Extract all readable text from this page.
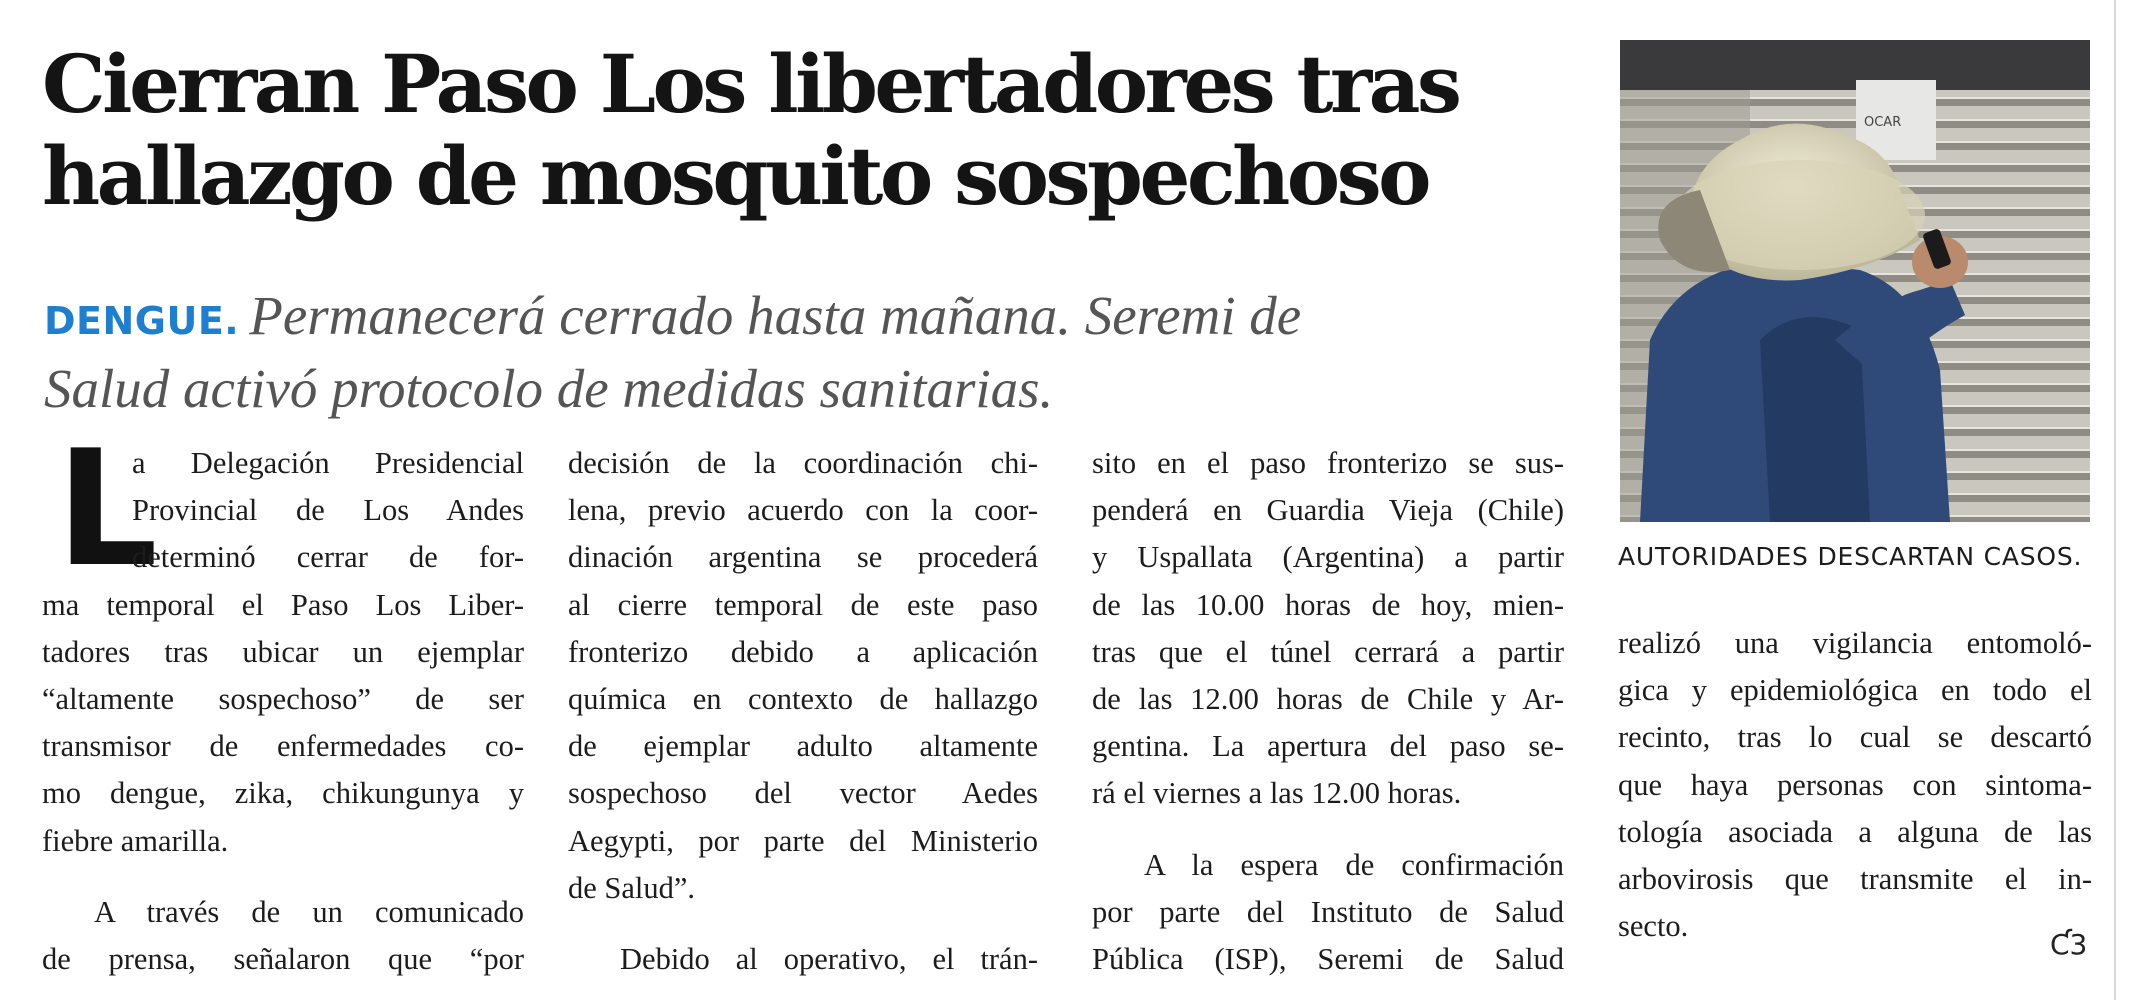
Cierran Paso Los libertadores tras
hallazgo de mosquito sospechoso

DENGUE. Permanecerá cerrado hasta mañana. Seremi de
Salud activó protocolo de medidas sanitarias.

L
a Delegación Presidencial
Provincial de Los Andes
determinó cerrar de for-
ma temporal el Paso Los Liber-
tadores tras ubicar un ejemplar
“altamente sospechoso” de ser
transmisor de enfermedades co-
mo dengue, zika, chikungunya y
fiebre amarilla.
A través de un comunicado
de prensa, señalaron que “por
decisión de la coordinación chi-
lena, previo acuerdo con la coor-
dinación argentina se procederá
al cierre temporal de este paso
fronterizo debido a aplicación
química en contexto de hallazgo
de ejemplar adulto altamente
sospechoso del vector Aedes
Aegypti, por parte del Ministerio
de Salud”.
Debido al operativo, el trán-
sito en el paso fronterizo se sus-
penderá en Guardia Vieja (Chile)
y Uspallata (Argentina) a partir
de las 10.00 horas de hoy, mien-
tras que el túnel cerrará a partir
de las 12.00 horas de Chile y Ar-
gentina. La apertura del paso se-
rá el viernes a las 12.00 horas.
A la espera de confirmación
por parte del Instituto de Salud
Pública (ISP), Seremi de Salud
OCAR
AUTORIDADES DESCARTAN CASOS.
realizó una vigilancia entomoló-
gica y epidemiológica en todo el
recinto, tras lo cual se descartó
que haya personas con sintoma-
tología asociada a alguna de las
arbovirosis que transmite el in-
secto.
Ƈ3
